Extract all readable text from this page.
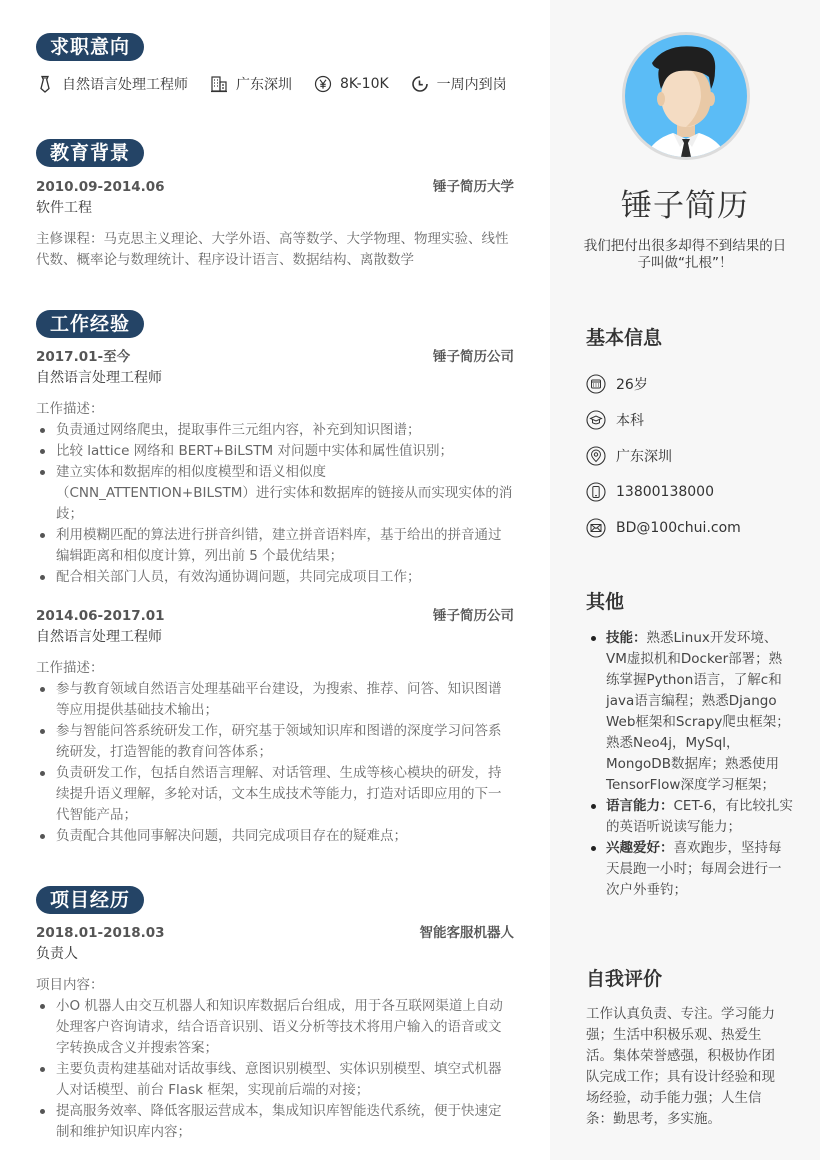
求职意向
自然语言处理工程师	广东深圳	8K-10K	一周内到岗
教育背景
2010.09-2014.06	锤子简历大学
软件工程
主修课程：马克思主义理论、大学外语、高等数学、大学物理、物理实验、线性代数、概率论与数理统计、程序设计语言、数据结构、离散数学
工作经验
2017.01-至今	锤子简历公司
自然语言处理工程师
工作描述：
负责通过网络爬虫，提取事件三元组内容，补充到知识图谱；
比较 lattice 网络和 BERT+BiLSTM 对问题中实体和属性值识别；
建立实体和数据库的相似度模型和语义相似度（CNN_ATTENTION+BILSTM）进行实体和数据库的链接从而实现实体的消歧；
利用模糊匹配的算法进行拼音纠错，建立拼音语料库，基于给出的拼音通过编辑距离和相似度计算，列出前 5 个最优结果；
配合相关部门人员，有效沟通协调问题，共同完成项目工作；
2014.06-2017.01	锤子简历公司
自然语言处理工程师
工作描述：
参与教育领域自然语言处理基础平台建设，为搜索、推荐、问答、知识图谱等应用提供基础技术输出；
参与智能问答系统研发工作，研究基于领域知识库和图谱的深度学习问答系统研发，打造智能的教育问答体系；
负责研发工作，包括自然语言理解、对话管理、生成等核心模块的研发，持续提升语义理解，多轮对话，文本生成技术等能力，打造对话即应用的下一代智能产品；
负责配合其他同事解决问题，共同完成项目存在的疑难点；
项目经历
2018.01-2018.03	智能客服机器人
负责人
项目内容：
小O 机器人由交互机器人和知识库数据后台组成，用于各互联网渠道上自动处理客户咨询请求，结合语音识别、语义分析等技术将用户输入的语音或文字转换成含义并搜索答案；
主要负责构建基础对话故事线、意图识别模型、实体识别模型、填空式机器人对话模型、前台 Flask 框架，实现前后端的对接；
提高服务效率、降低客服运营成本，集成知识库智能迭代系统，便于快速定制和维护知识库内容；
锤子简历
我们把付出很多却得不到结果的日子叫做“扎根”！
基本信息
26岁
本科
广东深圳
13800138000
BD@100chui.com
其他
技能：熟悉Linux开发环境、VM虚拟机和Docker部署；熟练掌握Python语言，了解c和java语言编程；熟悉Django Web框架和Scrapy爬虫框架；熟悉Neo4j，MySql，MongoDB数据库；熟悉使用TensorFlow深度学习框架；
语言能力：CET-6，有比较扎实的英语听说读写能力；
兴趣爱好：喜欢跑步，坚持每天晨跑一小时；每周会进行一次户外垂钓；
自我评价
工作认真负责、专注。学习能力强；生活中积极乐观、热爱生活。集体荣誉感强，积极协作团队完成工作；具有设计经验和现场经验，动手能力强；人生信条：勤思考，多实施。
